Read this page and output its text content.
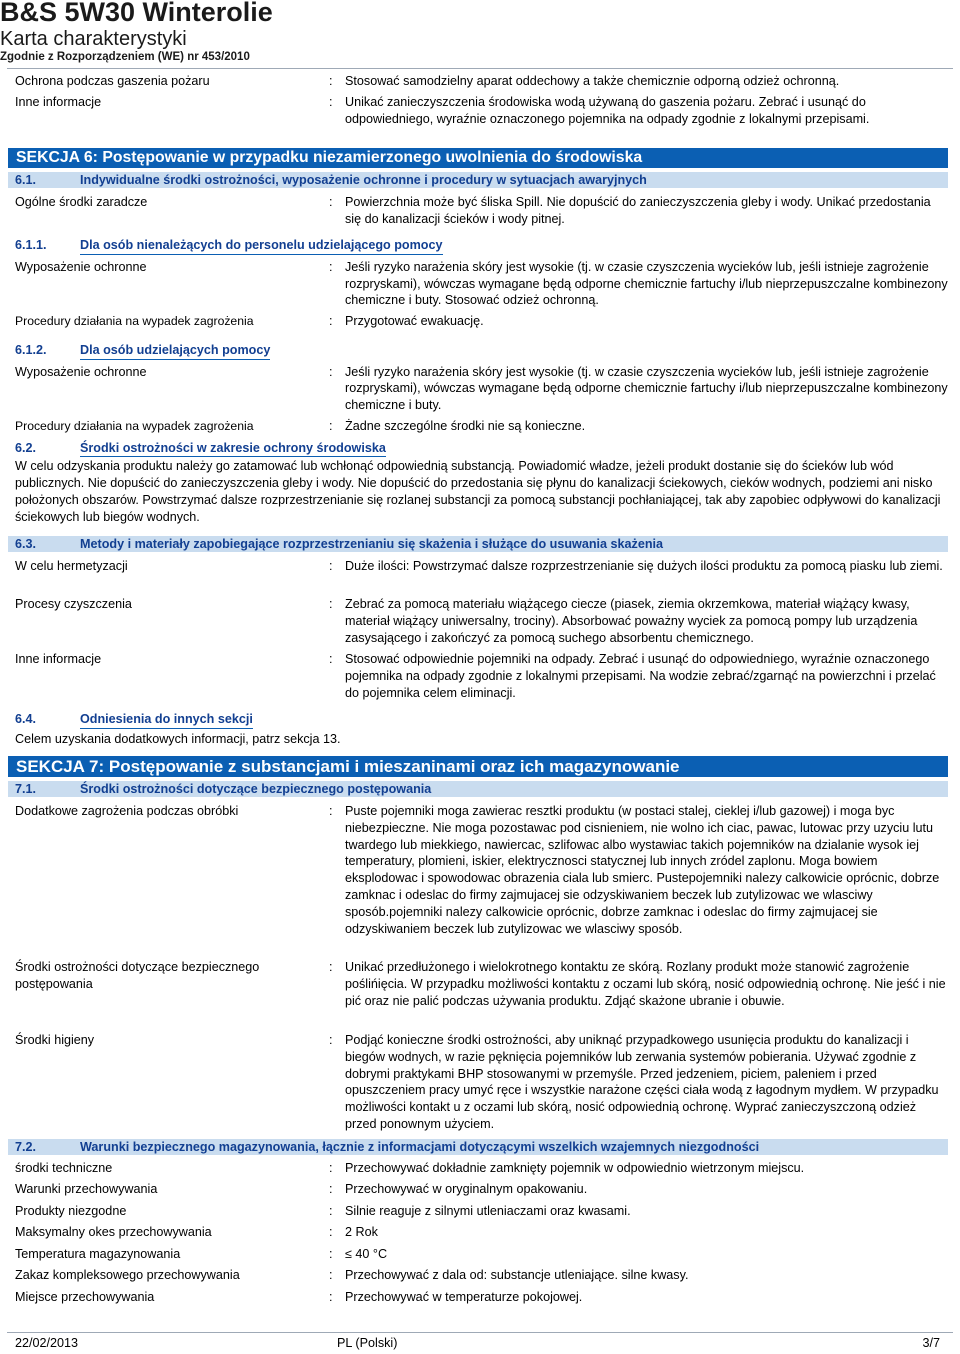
B&S 5W30 Winterolie
Karta charakterystyki
Zgodnie z Rozporządzeniem (WE) nr 453/2010
Ochrona podczas gaszenia pożaru	: Stosować samodzielny aparat oddechowy a także chemicznie odporną odzież ochronną.
Inne informacje	: Unikać zanieczyszczenia środowiska wodą używaną do gaszenia pożaru. Zebrać i usunąć do odpowiedniego, wyraźnie oznaczonego pojemnika na odpady zgodnie z lokalnymi przepisami.
SEKCJA 6: Postępowanie w przypadku niezamierzonego uwolnienia do środowiska
6.1.	Indywidualne środki ostrożności, wyposażenie ochronne i procedury w sytuacjach awaryjnych
Ogólne środki zaradcze	: Powierzchnia może być śliska Spill. Nie dopuścić do zanieczyszczenia gleby i wody. Unikać przedostania się do kanalizacji ścieków i wody pitnej.
6.1.1.	Dla osób nienależących do personelu udzielającego pomocy
Wyposażenie ochronne	: Jeśli ryzyko narażenia skóry jest wysokie (tj. w czasie czyszczenia wycieków lub, jeśli istnieje zagrożenie rozpryskami), wówczas wymagane będą odporne chemicznie fartuchy i/lub nieprzepuszczalne kombinezony chemiczne i buty. Stosować odzież ochronną.
Procedury działania na wypadek zagrożenia	: Przygotować ewakuację.
6.1.2.	Dla osób udzielających pomocy
Wyposażenie ochronne	: Jeśli ryzyko narażenia skóry jest wysokie (tj. w czasie czyszczenia wycieków lub, jeśli istnieje zagrożenie rozpryskami), wówczas wymagane będą odporne chemicznie fartuchy i/lub nieprzepuszczalne kombinezony chemiczne i buty.
Procedury działania na wypadek zagrożenia	: Żadne szczególne środki nie są konieczne.
6.2.	Środki ostrożności w zakresie ochrony środowiska
W celu odzyskania produktu należy go zatamować lub wchłonąć odpowiednią substancją. Powiadomić władze, jeżeli produkt dostanie się do ścieków lub wód publicznych. Nie dopuścić do zanieczyszczenia gleby i wody. Nie dopuścić do przedostania się płynu do kanalizacji ściekowych, cieków wodnych, podziemi ani nisko położonych obszarów. Powstrzymać dalsze rozprzestrzenianie się rozlanej substancji za pomocą substancji pochłaniającej, tak aby zapobiec odpływowi do kanalizacji ściekowych lub biegów wodnych.
6.3.	Metody i materiały zapobiegające rozprzestrzenianiu się skażenia i służące do usuwania skażenia
W celu hermetyzacji	: Duże ilości: Powstrzymać dalsze rozprzestrzenianie się dużych ilości produktu za pomocą piasku lub ziemi.
Procesy czyszczenia	: Zebrać za pomocą materiału wiążącego ciecze (piasek, ziemia okrzemkowa, materiał wiążący kwasy, materiał wiążący uniwersalny, trociny). Absorbować poważny wyciek za pomocą pompy lub urządzenia zasysającego i zakończyć za pomocą suchego absorbentu chemicznego.
Inne informacje	: Stosować odpowiednie pojemniki na odpady. Zebrać i usunąć do odpowiedniego, wyraźnie oznaczonego pojemnika na odpady zgodnie z lokalnymi przepisami. Na wodzie zebrać/zgarnąć na powierzchni i przelać do pojemnika celem eliminacji.
6.4.	Odniesienia do innych sekcji
Celem uzyskania dodatkowych informacji, patrz sekcja 13.
SEKCJA 7: Postępowanie z substancjami i mieszaninami oraz ich magazynowanie
7.1.	Środki ostrożności dotyczące bezpiecznego postępowania
Dodatkowe zagrożenia podczas obróbki	: Puste pojemniki moga zawierac resztki produktu (w postaci stalej, cieklej i/lub gazowej) i moga byc niebezpieczne. Nie moga pozostawac pod cisnieniem, nie wolno ich ciac, pawac, lutowac przy uzyciu lutu twardego lub miekkiego, nawiercac, szlifowac albo wystawiac takich pojemników na dzialanie wysok iej temperatury, plomieni, iskier, elektrycznosci statycznej lub innych zródel zaplonu. Moga bowiem eksplodowac i spowodowac obrazenia ciala lub smierc. Pustepojemniki nalezy calkowicie oprócnic, dobrze zamknac i odeslac do firmy zajmujacej sie odzyskiwaniem beczek lub zutylizowac we wlasciwy sposób.pojemniki nalezy calkowicie oprócnic, dobrze zamknac i odeslac do firmy zajmujacej sie odzyskiwaniem beczek lub zutylizowac we wlasciwy sposób.
Środki ostrożności dotyczące bezpiecznego postępowania
: Unikać przedłużonego i wielokrotnego kontaktu ze skórą. Rozlany produkt może stanowić zagrożenie poślińięcia. W przypadku możliwości kontaktu z oczami lub skórą, nosić odpowiednią ochronę. Nie jeść i nie pić oraz nie palić podczas używania produktu. Zdjąć skażone ubranie i obuwie.
Środki higieny	: Podjąć konieczne środki ostrożności, aby uniknąć przypadkowego usunięcia produktu do kanalizacji i biegów wodnych, w razie pęknięcia pojemników lub zerwania systemów pobierania. Używać zgodnie z dobrymi praktykami BHP stosowanymi w przemyśle. Przed jedzeniem, piciem, paleniem i przed opuszczeniem pracy umyć ręce i wszystkie narażone części ciała wodą z łagodnym mydłem. W przypadku możliwości kontakt u z oczami lub skórą, nosić odpowiednią ochronę. Wyprać zanieczyszczoną odzież przed ponownym użyciem.
7.2.	Warunki bezpiecznego magazynowania, łącznie z informacjami dotyczącymi wszelkich wzajemnych niezgodności
środki techniczne	: Przechowywać dokładnie zamknięty pojemnik w odpowiednio wietrzonym miejscu.
Warunki przechowywania	: Przechowywać w oryginalnym opakowaniu.
Produkty niezgodne	: Silnie reaguje z silnymi utleniaczami oraz kwasami.
Maksymalny okes przechowywania	: 2 Rok
Temperatura magazynowania	: ≤ 40 °C
Zakaz kompleksowego przechowywania	: Przechowywać z dala od: substancje utleniające. silne kwasy.
Miejsce przechowywania	: Przechowywać w temperaturze pokojowej.
22/02/2013	PL (Polski)	3/7
